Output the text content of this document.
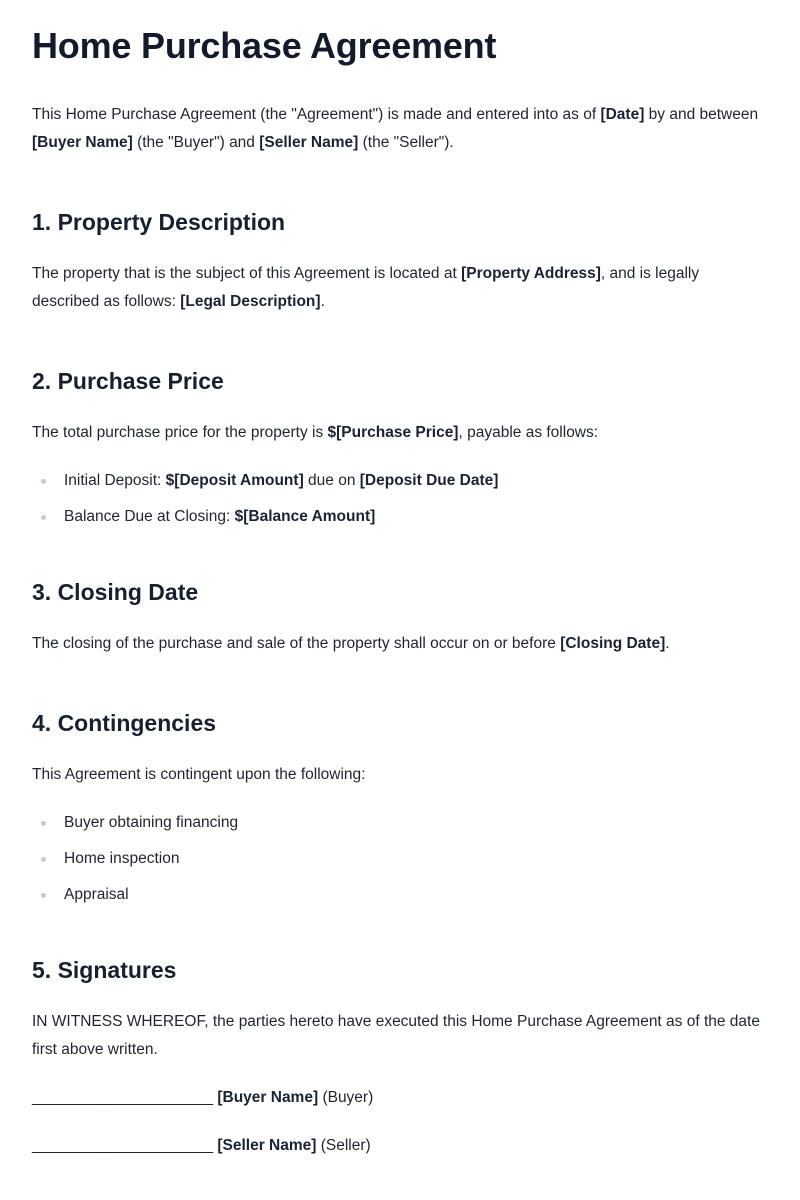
Home Purchase Agreement

This Home Purchase Agreement (the "Agreement") is made and entered into as of [Date] by and between [Buyer Name] (the "Buyer") and [Seller Name] (the "Seller").

1. Property Description

The property that is the subject of this Agreement is located at [Property Address], and is legally described as follows: [Legal Description].

2. Purchase Price

The total purchase price for the property is $[Purchase Price], payable as follows:

Initial Deposit: $[Deposit Amount] due on [Deposit Due Date]
Balance Due at Closing: $[Balance Amount]
3. Closing Date

The closing of the purchase and sale of the property shall occur on or before [Closing Date].

4. Contingencies

This Agreement is contingent upon the following:

Buyer obtaining financing
Home inspection
Appraisal
5. Signatures

IN WITNESS WHEREOF, the parties hereto have executed this Home Purchase Agreement as of the date first above written.

_____________________ [Buyer Name] (Buyer)
_____________________ [Seller Name] (Seller)
